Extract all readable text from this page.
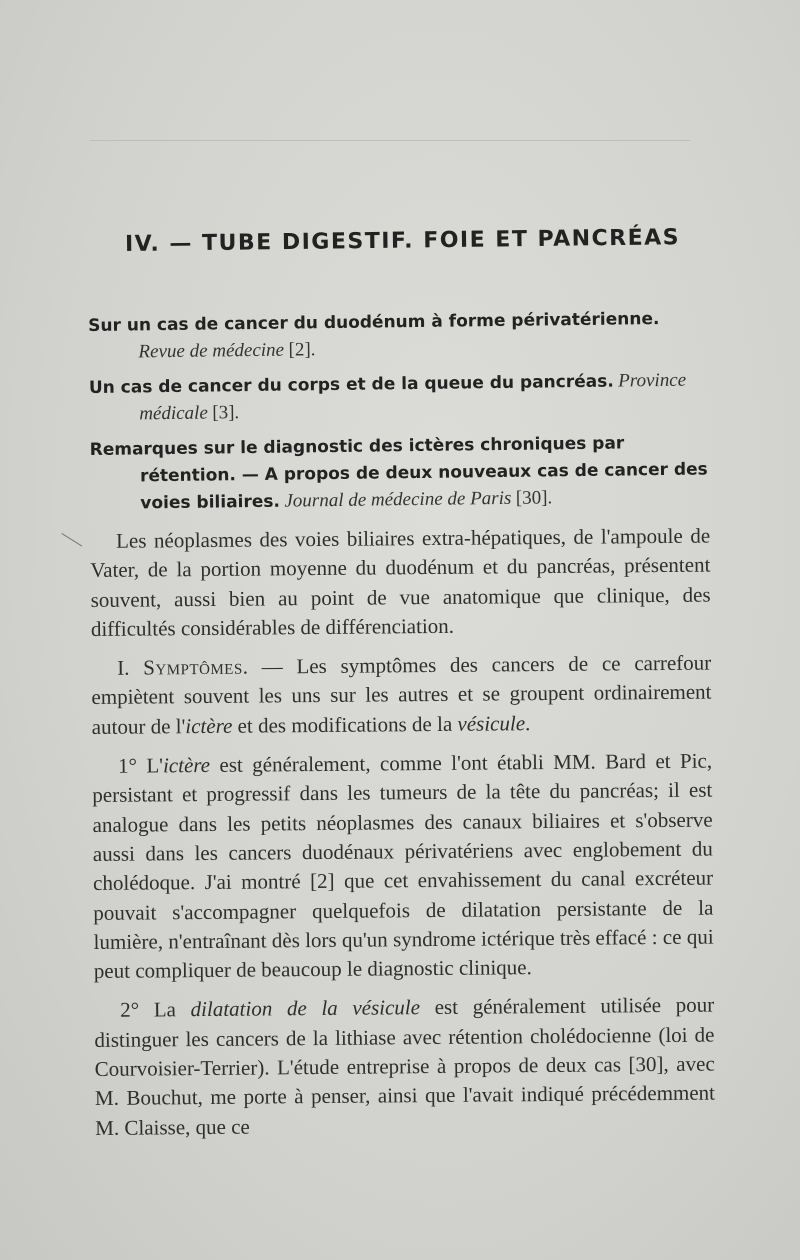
IV. — TUBE DIGESTIF. FOIE ET PANCRÉAS

Sur un cas de cancer du duodénum à forme périvatérienne. Revue de médecine [2].

Un cas de cancer du corps et de la queue du pancréas. Province médicale [3].

Remarques sur le diagnostic des ictères chroniques par rétention. — A propos de deux nouveaux cas de cancer des voies biliaires. Journal de médecine de Paris [30].

Les néoplasmes des voies biliaires extra-hépatiques, de l'ampoule de Vater, de la portion moyenne du duodénum et du pancréas, présentent souvent, aussi bien au point de vue anatomique que clinique, des difficultés considérables de différenciation.

I. Symptômes. — Les symptômes des cancers de ce carrefour empiètent souvent les uns sur les autres et se groupent ordinairement autour de l'ictère et des modifications de la vésicule.

1° L'ictère est généralement, comme l'ont établi MM. Bard et Pic, persistant et progressif dans les tumeurs de la tête du pancréas; il est analogue dans les petits néoplasmes des canaux biliaires et s'observe aussi dans les cancers duodénaux périvatériens avec englobement du cholédoque. J'ai montré [2] que cet envahissement du canal excréteur pouvait s'accompagner quelquefois de dilatation persistante de la lumière, n'entraînant dès lors qu'un syndrome ictérique très effacé : ce qui peut compliquer de beaucoup le diagnostic clinique.

2° La dilatation de la vésicule est généralement utilisée pour distinguer les cancers de la lithiase avec rétention cholédocienne (loi de Courvoisier-Terrier). L'étude entreprise à propos de deux cas [30], avec M. Bouchut, me porte à penser, ainsi que l'avait indiqué précédemment M. Claisse, que ce
